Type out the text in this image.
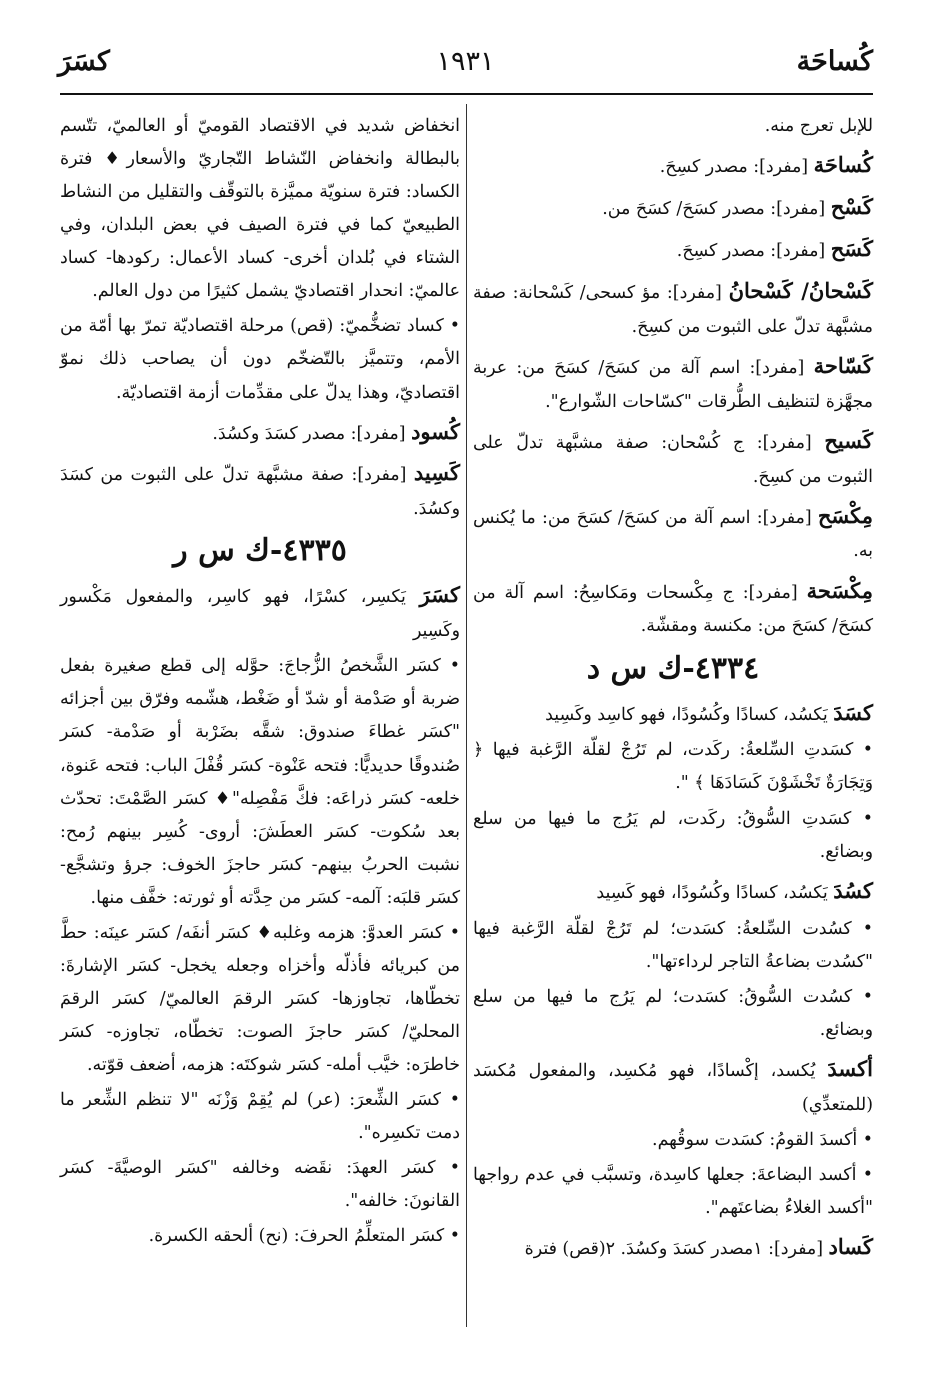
كُساحَة
١٩٣١
كسَرَ

للإبل تعرج منه.

كُساحَة [مفرد]: مصدر كسِحَ.

كَسْح [مفرد]: مصدر كسَحَ/ كسَحَ من.

كَسَح [مفرد]: مصدر كسِحَ.

كَسْحانُ/ كَسْحانُ [مفرد]: مؤ كسحى/ كَسْحانة: صفة مشبَّهة تدلّ على الثبوت من كسِحَ.

كَسّاحة [مفرد]: اسم آلة من كسَحَ/ كسَحَ من: عربة مجهَّزة لتنظيف الطُّرقات "كسّاحات الشّوارع".

كَسيح [مفرد]: ج كُسْحان: صفة مشبَّهة تدلّ على الثبوت من كسِحَ.

مِكْسَح [مفرد]: اسم آلة من كسَحَ/ كسَحَ من: ما يُكنس به.

مِكْسَحة [مفرد]: ج مِكْسحات ومَكاسِحُ: اسم آلة من كسَحَ/ كسَحَ من: مكنسة ومقشّة.

٤٣٣٤-ك س د

كسَدَ يَكسُد، كسادًا وكُسُودًا، فهو كاسِد وكَسِيد

• كسَدتِ السِّلعةُ: ركَدت، لم تَرُجْ لقلّة الرَّغبة فيها ﴿ وَتِجَارَةٌ تَخْشَوْنَ كَسَادَهَا ﴾ ".

• كسَدتِ السُّوقُ: ركَدت، لم يَرُج ما فيها من سلع وبضائع.

كسُدَ يَكسُد، كسادًا وكُسُودًا، فهو كَسِيد

• كسُدت السِّلعةُ: كسَدت؛ لم تَرُجْ لقلّة الرَّغبة فيها "كسُدت بضاعةُ التاجر لرداءتها".

• كسُدت السُّوقُ: كسَدت؛ لم يَرُج ما فيها من سلع وبضائع.

أكسدَ يُكسد، إكْسادًا، فهو مُكسِد، والمفعول مُكسَد (للمتعدِّي)

• أكسدَ القومُ: كسَدت سوقُهم.

• أكسد البضاعةَ: جعلها كاسِدة، وتسبَّب في عدم رواجها "أكسد الغلاءُ بضاعتَهم".

كَساد [مفرد]: ١مصدر كسَدَ وكسُدَ. ٢(قص) فترة

انخفاض شديد في الاقتصاد القوميّ أو العالميّ، تتّسم بالبطالة وانخفاض النّشاط التّجاريّ والأسعار♦ فترة الكساد: فترة سنويّة مميَّزة بالتوقّف والتقليل من النشاط الطبيعيّ كما في فترة الصيف في بعض البلدان، وفي الشتاء في بُلدان أخرى- كساد الأعمال: ركودها- كساد عالميّ: انحدار اقتصاديّ يشمل كثيرًا من دول العالم.

• كساد تضخُّميّ: (قص) مرحلة اقتصاديّة تمرّ بها أمّة من الأمم، وتتميَّز بالتّضخّم دون أن يصاحب ذلك نموّ اقتصاديّ، وهذا يدلّ على مقدِّمات أزمة اقتصاديّة.

كُسود [مفرد]: مصدر كسَدَ وكسُدَ.

كَسِيد [مفرد]: صفة مشبَّهة تدلّ على الثبوت من كسَدَ وكسُدَ.

٤٣٣٥-ك س ر

كسَرَ يَكسِر، كسْرًا، فهو كاسِر، والمفعول مَكْسور وكَسِير

• كسَر الشَّخصُ الزُّجاجَ: حوَّله إلى قطع صغيرة بفعل ضربة أو صَدْمة أو شدّ أو ضَغْط، هشّمه وفرّق بين أجزائه "كسَر غطاءَ صندوق: شقَّه بضَرْبة أو صَدْمة- كسَر صُندوقًا حديديًّا: فتحه عَنْوة- كسَر قُفْلَ الباب: فتحه عَنوة، خلعه- كسَر ذراعَه: فكَّ مَفْصِله"♦ كسَر الصَّمْتَ: تحدّث بعد سُكوت- كسَر العطَشَ: أروى- كُسِر بينهم رُمح: نشبت الحربُ بينهم- كسَر حاجزَ الخوف: جرؤ وتشجَّع- كسَر قلبَه: آلمه- كسَر من حِدَّته أو ثورته: خفَّف منها.

• كسَر العدوَّ: هزمه وغلبه♦ كسَر أنفَه/ كسَر عينَه: حطَّ من كبريائه فأذلّه وأخزاه وجعله يخجل- كسَر الإشارةَ: تخطّاها، تجاوزها- كسَر الرقمَ العالميّ/ كسَر الرقمَ المحليّ/ كسَر حاجزَ الصوت: تخطّاه، تجاوزه- كسَر خاطرَه: خيَّب أمله- كسَر شوكتَه: هزمه، أضعف قوّته.

• كسَر الشِّعرَ: (عر) لم يُقِمْ وَزْنَه "لا تنظم الشِّعر ما دمت تكسِره".

• كسَر العهدَ: نقَضه وخالفه "كسَر الوصيَّةَ- كسَر القانونَ: خالفه".

• كسَر المتعلِّمُ الحرفَ: (نح) ألحقه الكسرة.
